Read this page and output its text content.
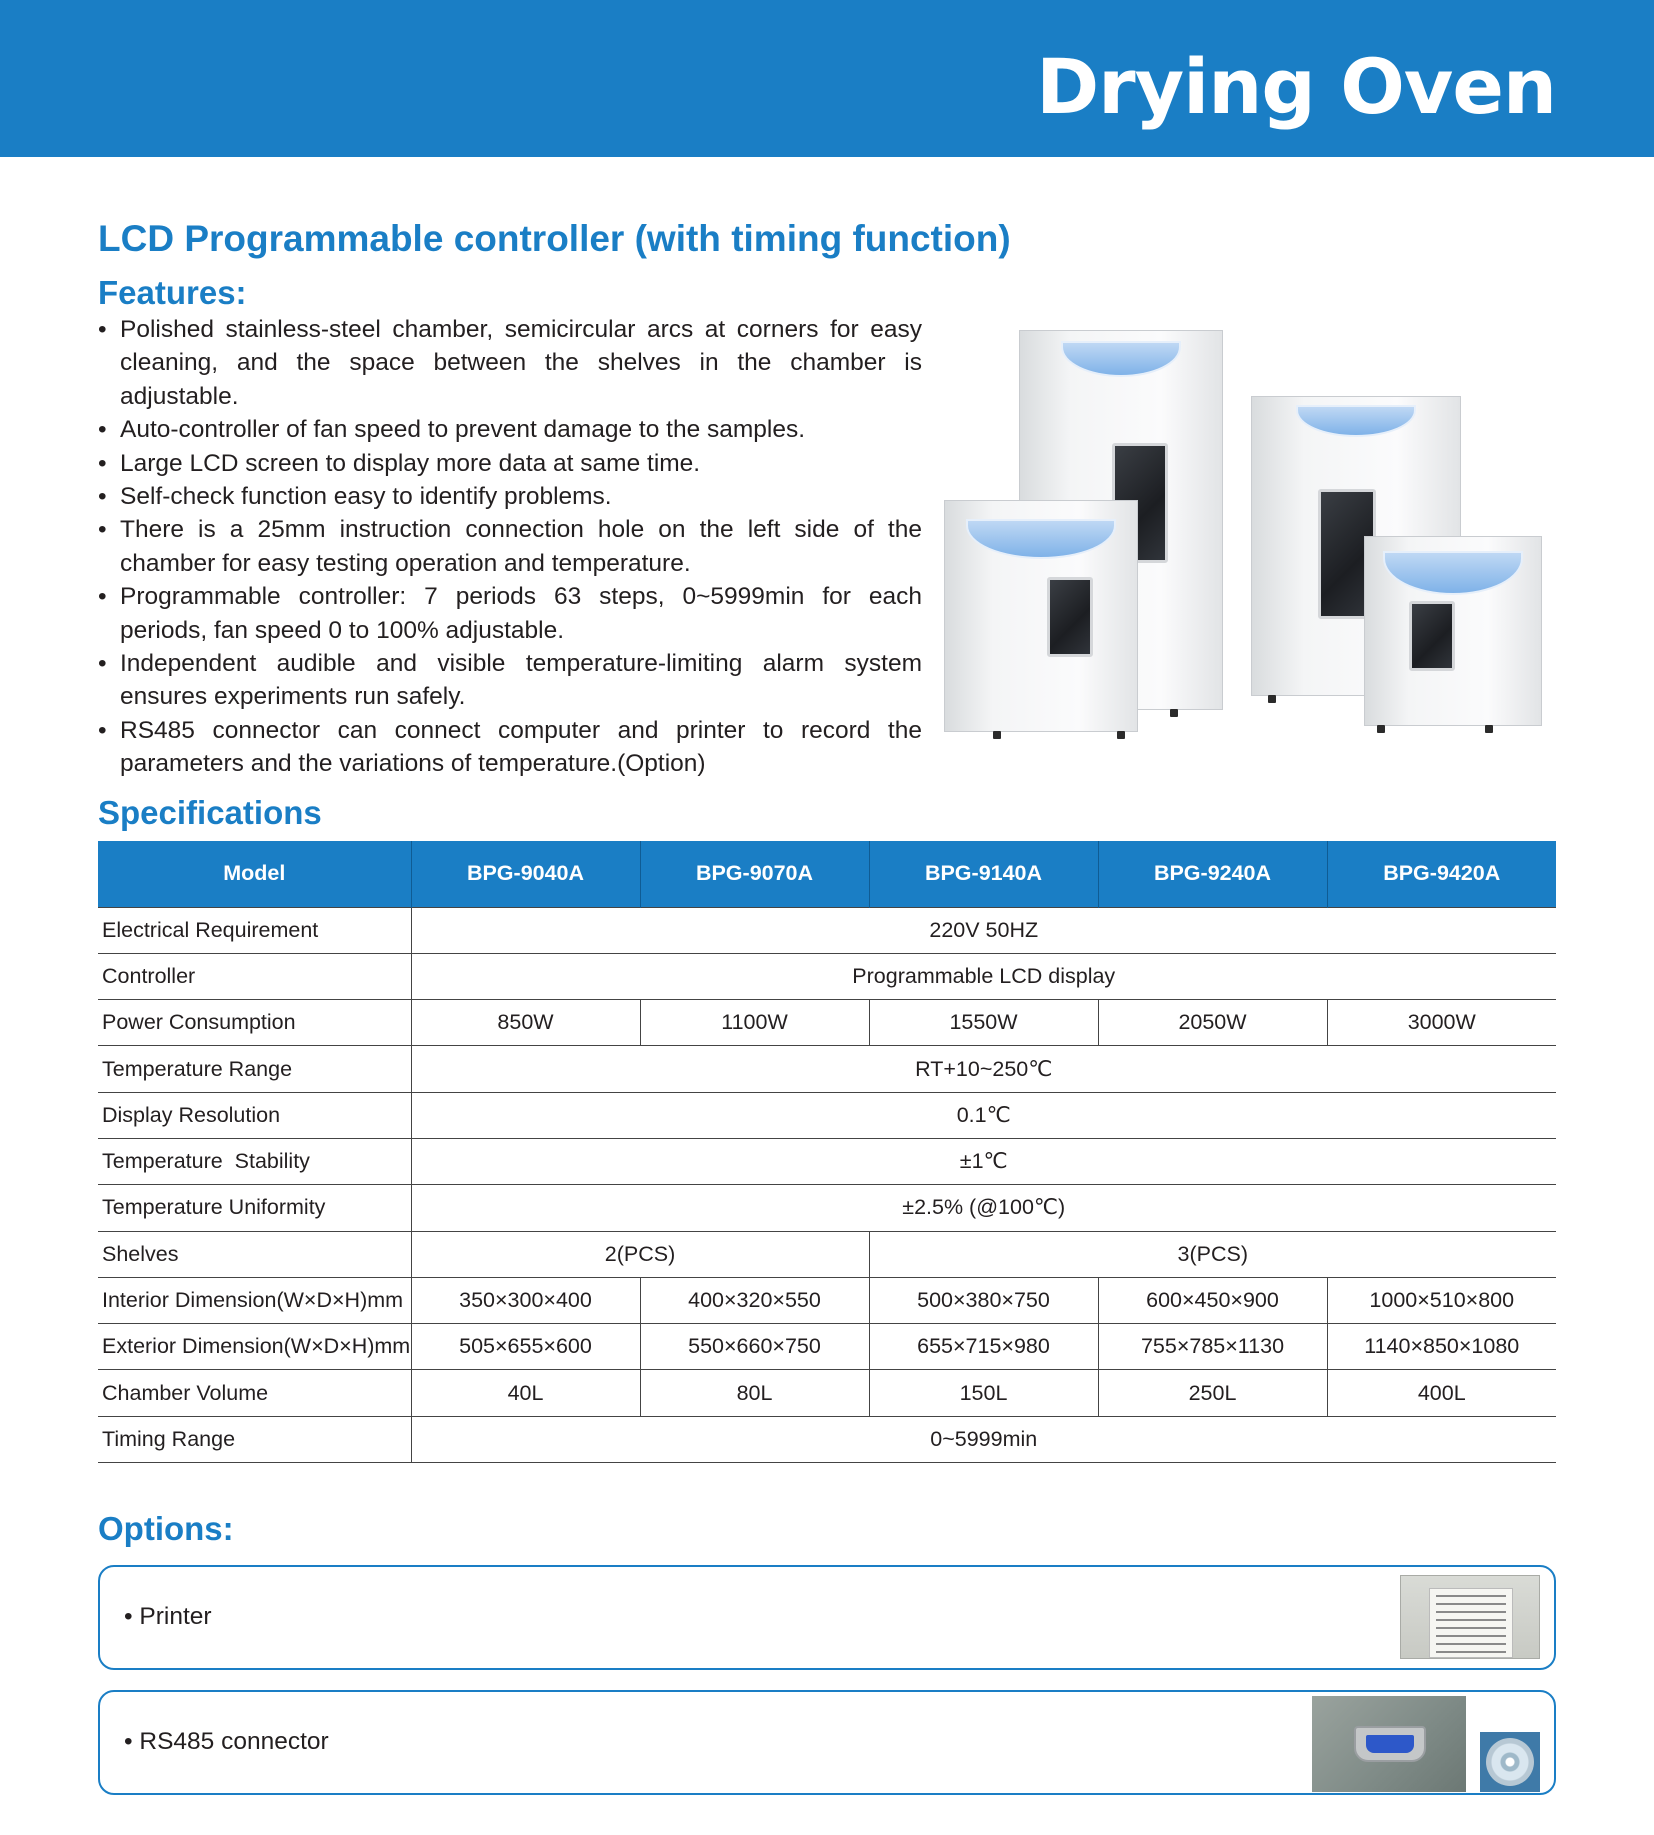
Drying Oven
LCD Programmable controller (with timing function)
Features:
• Polished stainless-steel chamber, semicircular arcs at corners for easy cleaning, and the space between the shelves in the chamber is adjustable.
• Auto-controller of fan speed to prevent damage to the samples.
• Large LCD screen to display more data at same time.
• Self-check function easy to identify problems.
• There is a 25mm instruction connection hole on the left side of the chamber for easy testing operation and temperature.
• Programmable controller: 7 periods 63 steps, 0~5999min for each periods, fan speed 0 to 100% adjustable.
• Independent audible and visible temperature-limiting alarm system ensures experiments run safely.
• RS485 connector can connect computer and printer to record the parameters and the variations of temperature.(Option)
Specifications
Model	BPG-9040A	BPG-9070A	BPG-9140A	BPG-9240A	BPG-9420A
Electrical Requirement	220V 50HZ				
Controller	Programmable LCD display				
Power Consumption	850W	1100W	1550W	2050W	3000W
Temperature Range	RT+10~250℃				
Display Resolution	0.1℃				
Temperature  Stability	±1℃				
Temperature Uniformity	±2.5% (@100℃)				
Shelves	2(PCS)		3(PCS)		
Interior Dimension(W×D×H)mm	350×300×400	400×320×550	500×380×750	600×450×900	1000×510×800
Exterior Dimension(W×D×H)mm	505×655×600	550×660×750	655×715×980	755×785×1130	1140×850×1080
Chamber Volume	40L	80L	150L	250L	400L
Timing Range	0~5999min				
Options:
• Printer
• RS485 connector
